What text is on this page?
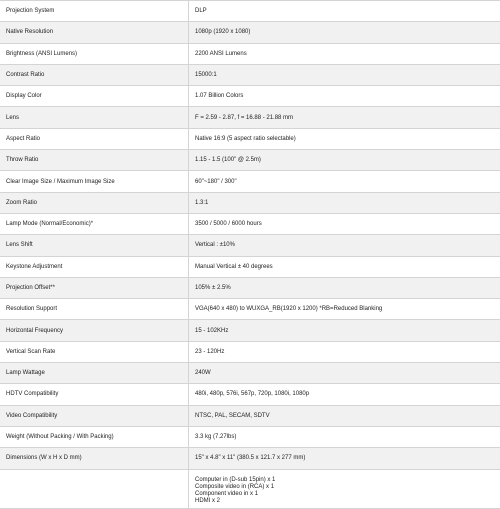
Projection System	DLP
Native Resolution	1080p (1920 x 1080)
Brightness (ANSI Lumens)	2200 ANSI Lumens
Contrast Ratio	15000:1
Display Color	1.07 Billion Colors
Lens	F = 2.59 - 2.87, f = 16.88 - 21.88 mm
Aspect Ratio	Native 16:9 (5 aspect ratio selectable)
Throw Ratio	1.15 - 1.5 (100" @ 2.5m)
Clear Image Size / Maximum Image Size	60"~180" / 300"
Zoom Ratio	1.3:1
Lamp Mode (Normal/Economic)*	3500 / 5000 / 6000 hours
Lens Shift	Vertical : ±10%
Keystone Adjustment	Manual Vertical ± 40 degrees
Projection Offset**	105% ± 2.5%
Resolution Support	VGA(640 x 480) to WUXGA_RB(1920 x 1200) *RB=Reduced Blanking
Horizontal Frequency	15 - 102KHz
Vertical Scan Rate	23 - 120Hz
Lamp Wattage	240W
HDTV Compatibility	480i, 480p, 576i, 567p, 720p, 1080i, 1080p
Video Compatibility	NTSC, PAL, SECAM, SDTV
Weight (Without Packing / With Packing)	3.3 kg (7.27lbs)
Dimensions (W x H x D mm)	15" x 4.8" x 11" (380.5 x 121.7 x 277 mm)

	Computer in (D-sub 15pin) x 1
Composite video in (RCA) x 1
Component video in x 1
HDMI x 2
